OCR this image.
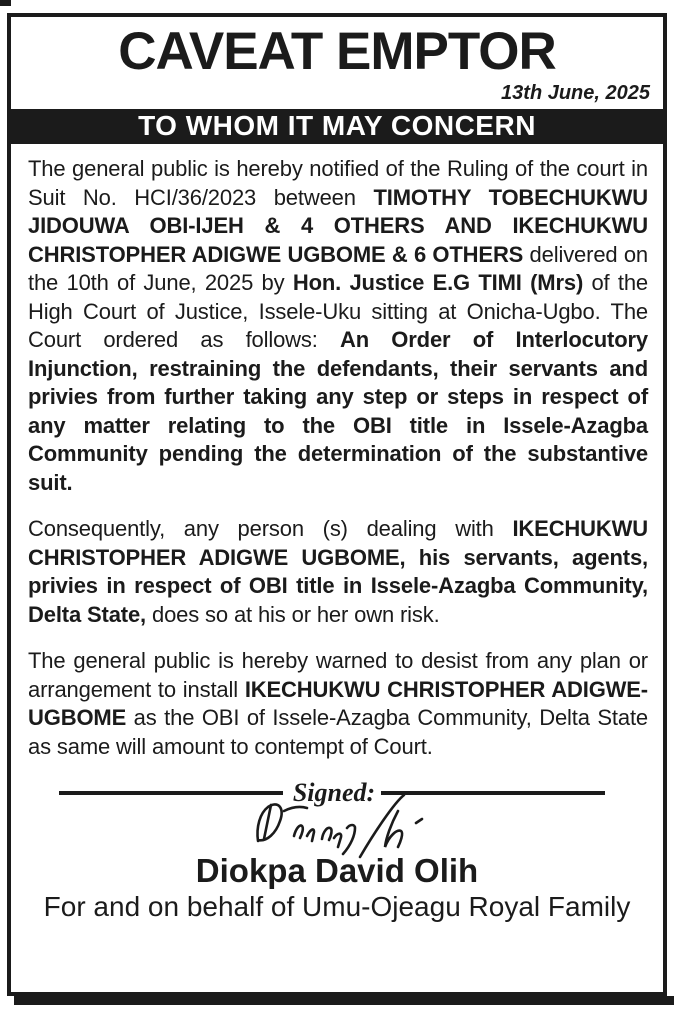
CAVEAT EMPTOR
13th June, 2025
TO WHOM IT MAY CONCERN

The general public is hereby notified of the Ruling of the court in Suit No. HCI/36/2023 between TIMOTHY TOBECHUKWU JIDOUWA OBI-IJEH & 4 OTHERS AND IKECHUKWU CHRISTOPHER ADIGWE UGBOME & 6 OTHERS delivered on the 10th of June, 2025 by Hon. Justice E.G TIMI (Mrs) of the High Court of Justice, Issele-Uku sitting at Onicha-Ugbo. The Court ordered as follows: An Order of Interlocutory Injunction, restraining the defendants, their servants and privies from further taking any step or steps in respect of any matter relating to the OBI title in Issele-Azagba Community pending the determination of the substantive suit.

Consequently, any person (s) dealing with IKECHUKWU CHRISTOPHER ADIGWE UGBOME, his servants, agents, privies in respect of OBI title in Issele-Azagba Community, Delta State, does so at his or her own risk.

The general public is hereby warned to desist from any plan or arrangement to install IKECHUKWU CHRISTOPHER ADIGWE-UGBOME as the OBI of Issele-Azagba Community, Delta State as same will amount to contempt of Court.

Signed:
Diokpa David Olih
For and on behalf of Umu-Ojeagu Royal Family
